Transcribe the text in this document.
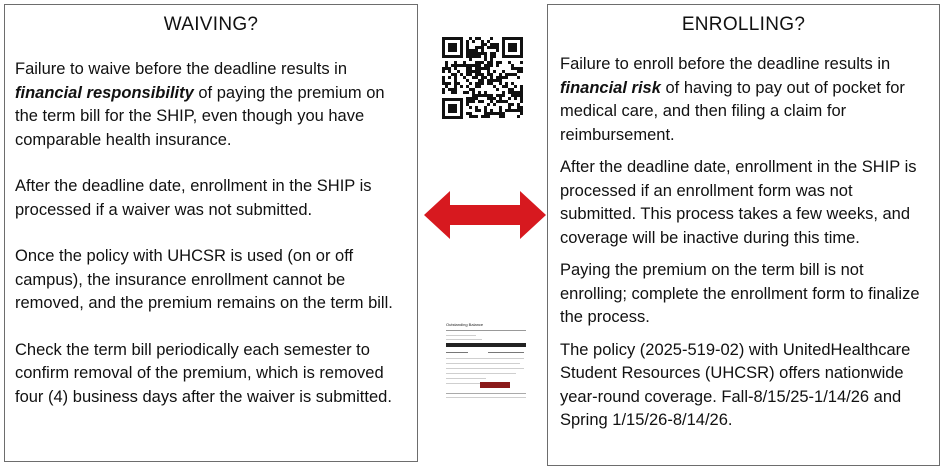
WAIVING?

Failure to waive before the deadline results in financial responsibility of paying the premium on the term bill for the SHIP, even though you have comparable health insurance.

After the deadline date, enrollment in the SHIP is processed if a waiver was not submitted.

Once the policy with UHCSR is used (on or off campus), the insurance enrollment cannot be removed, and the premium remains on the term bill.

Check the term bill periodically each semester to confirm removal of the premium, which is removed four (4) business days after the waiver is submitted.

Outstanding Balance
ENROLLING?

Failure to enroll before the deadline results in financial risk of having to pay out of pocket for medical care, and then filing a claim for reimbursement.

After the deadline date, enrollment in the SHIP is processed if an enrollment form was not submitted. This process takes a few weeks, and coverage will be inactive during this time.

Paying the premium on the term bill is not enrolling; complete the enrollment form to finalize the process.

The policy (2025-519-02) with UnitedHealthcare Student Resources (UHCSR) offers nationwide year-round coverage. Fall-8/15/25-1/14/26 and Spring 1/15/26-8/14/26.
